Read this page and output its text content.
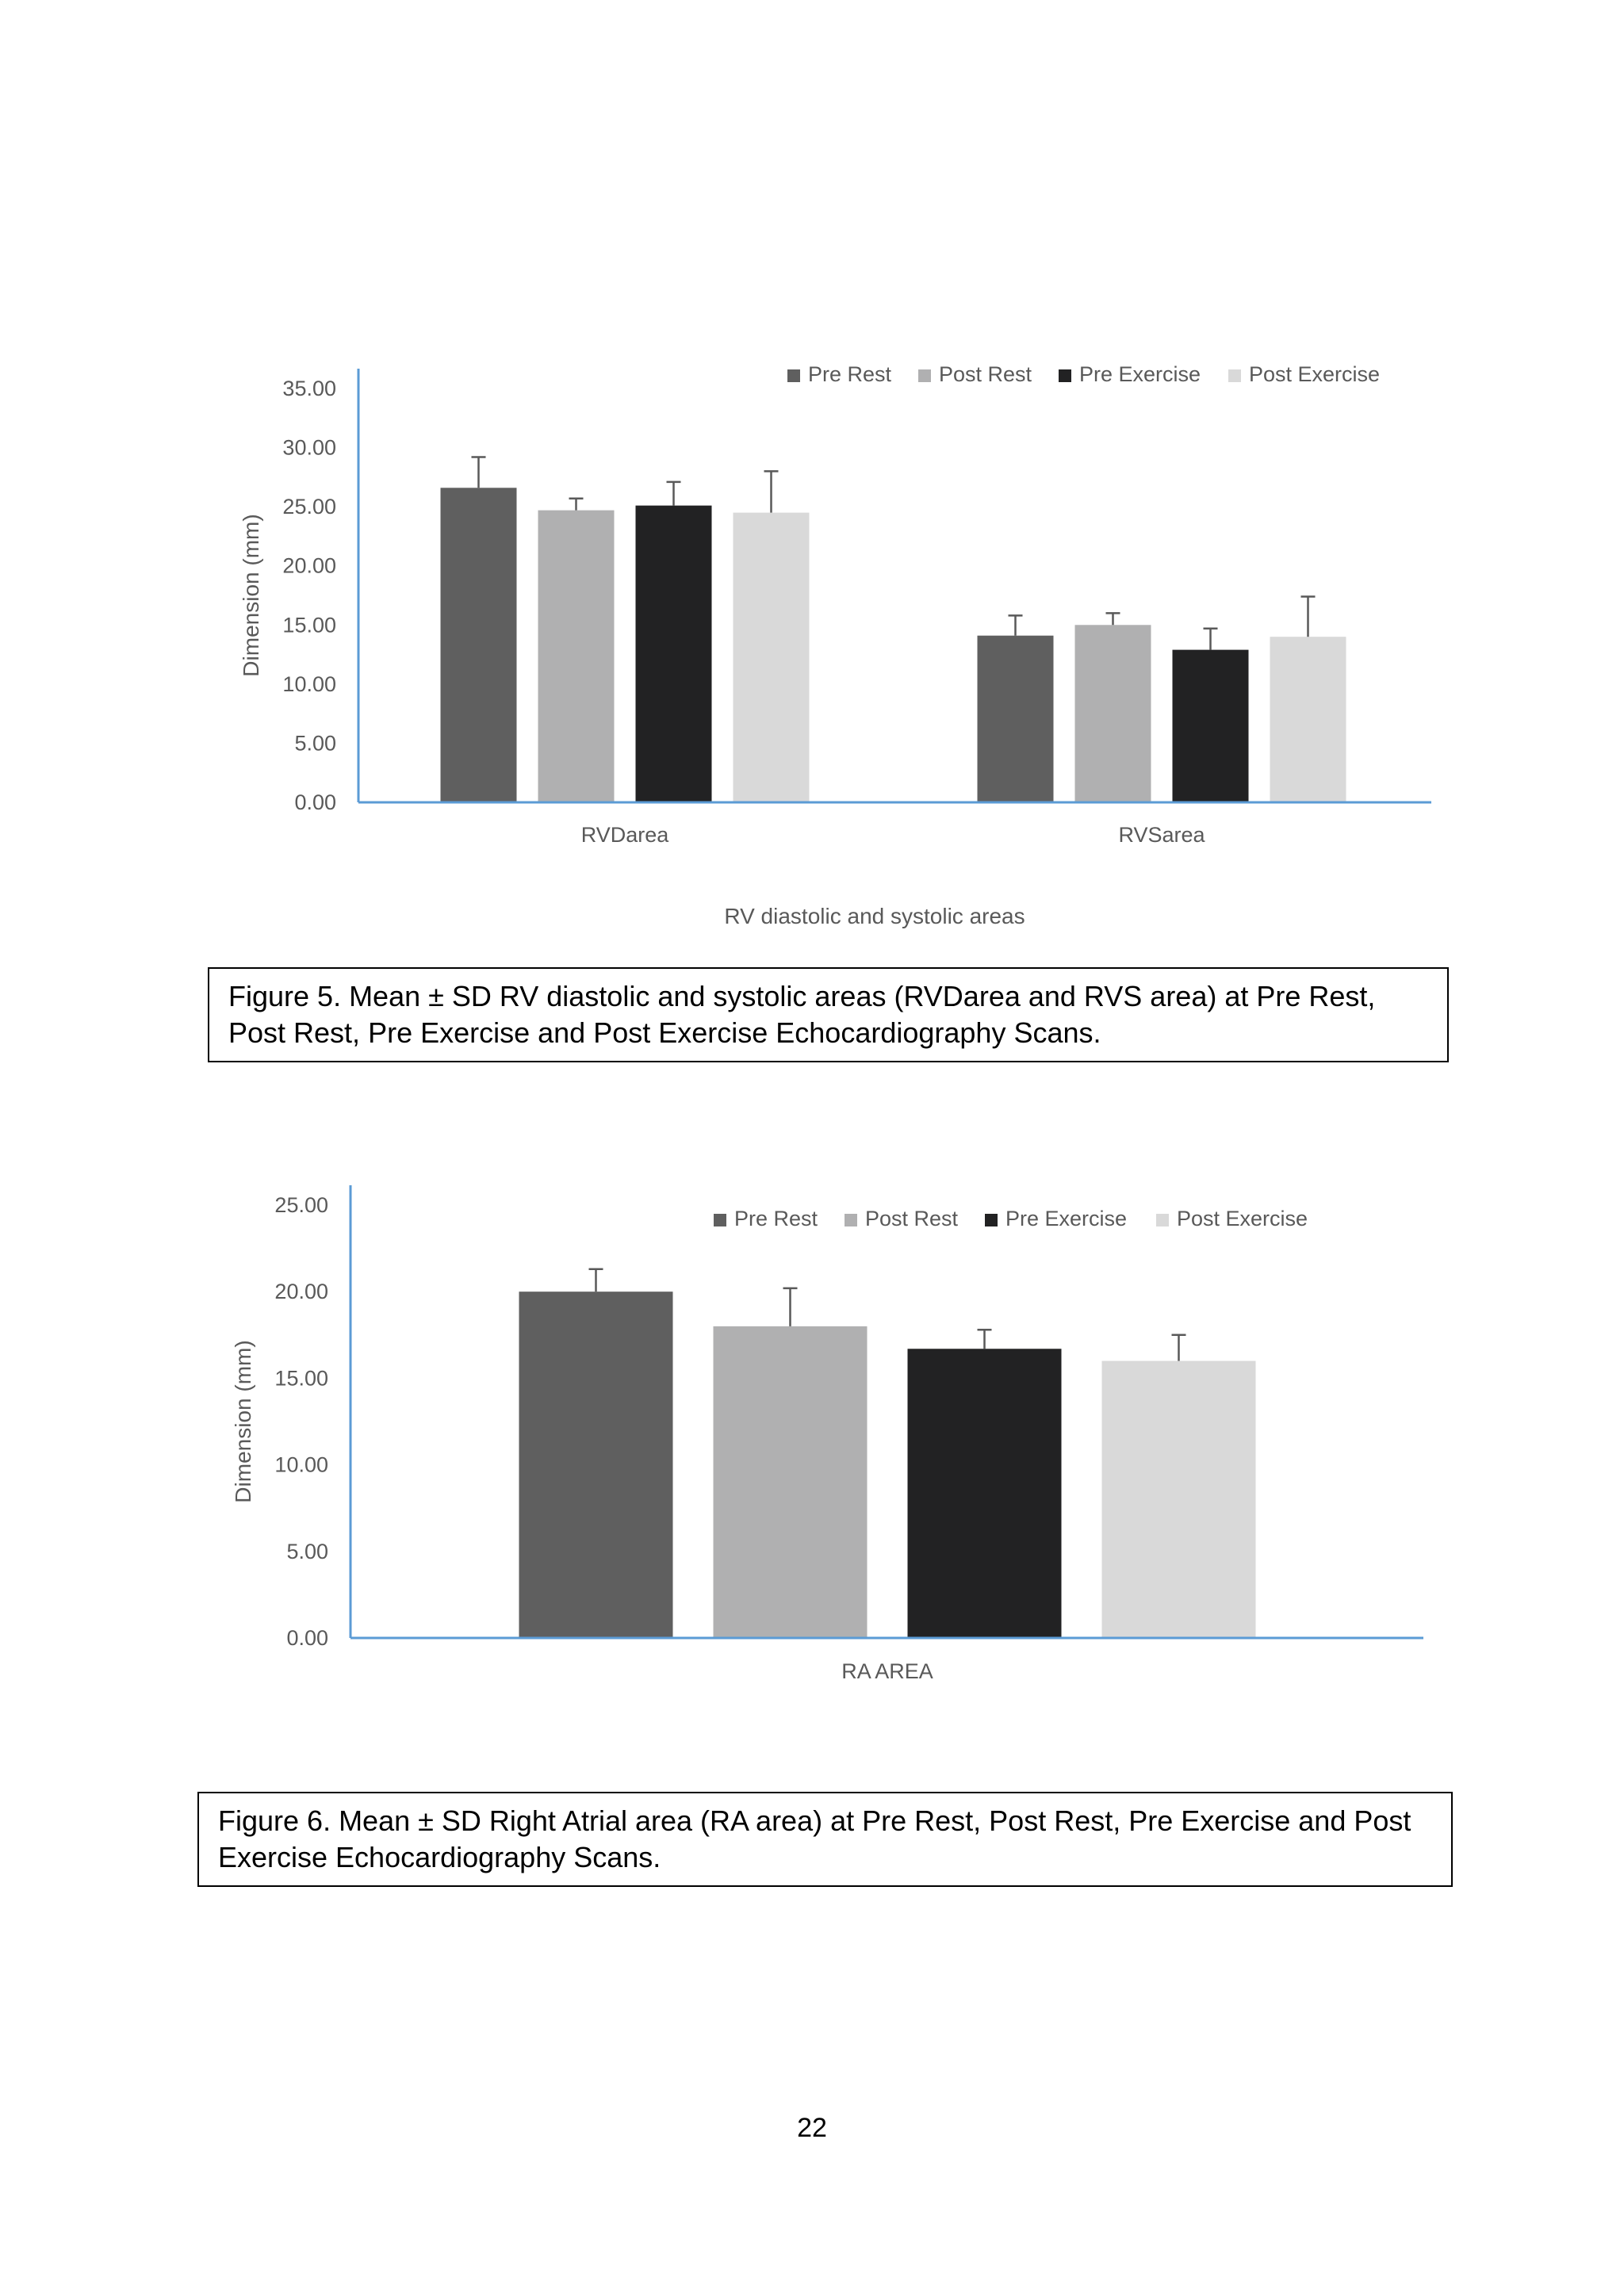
0.00
5.00
10.00
15.00
20.00
25.00
30.00
35.00
Dimension (mm)
RVDarea	RVSarea
RV diastolic and systolic areas
Pre Rest Post Rest Pre Exercise Post Exercise
0.00
5.00
10.00
15.00
20.00
25.00
Dimension (mm)
RA AREA
Pre Rest Post Rest Pre Exercise Post Exercise
Figure 5. Mean ± SD RV diastolic and systolic areas (RVDarea and RVS area) at Pre Rest, Post Rest, Pre Exercise and Post Exercise Echocardiography Scans.
Figure 6. Mean ± SD Right Atrial area (RA area) at Pre Rest, Post Rest, Pre Exercise and Post Exercise Echocardiography Scans.
22
